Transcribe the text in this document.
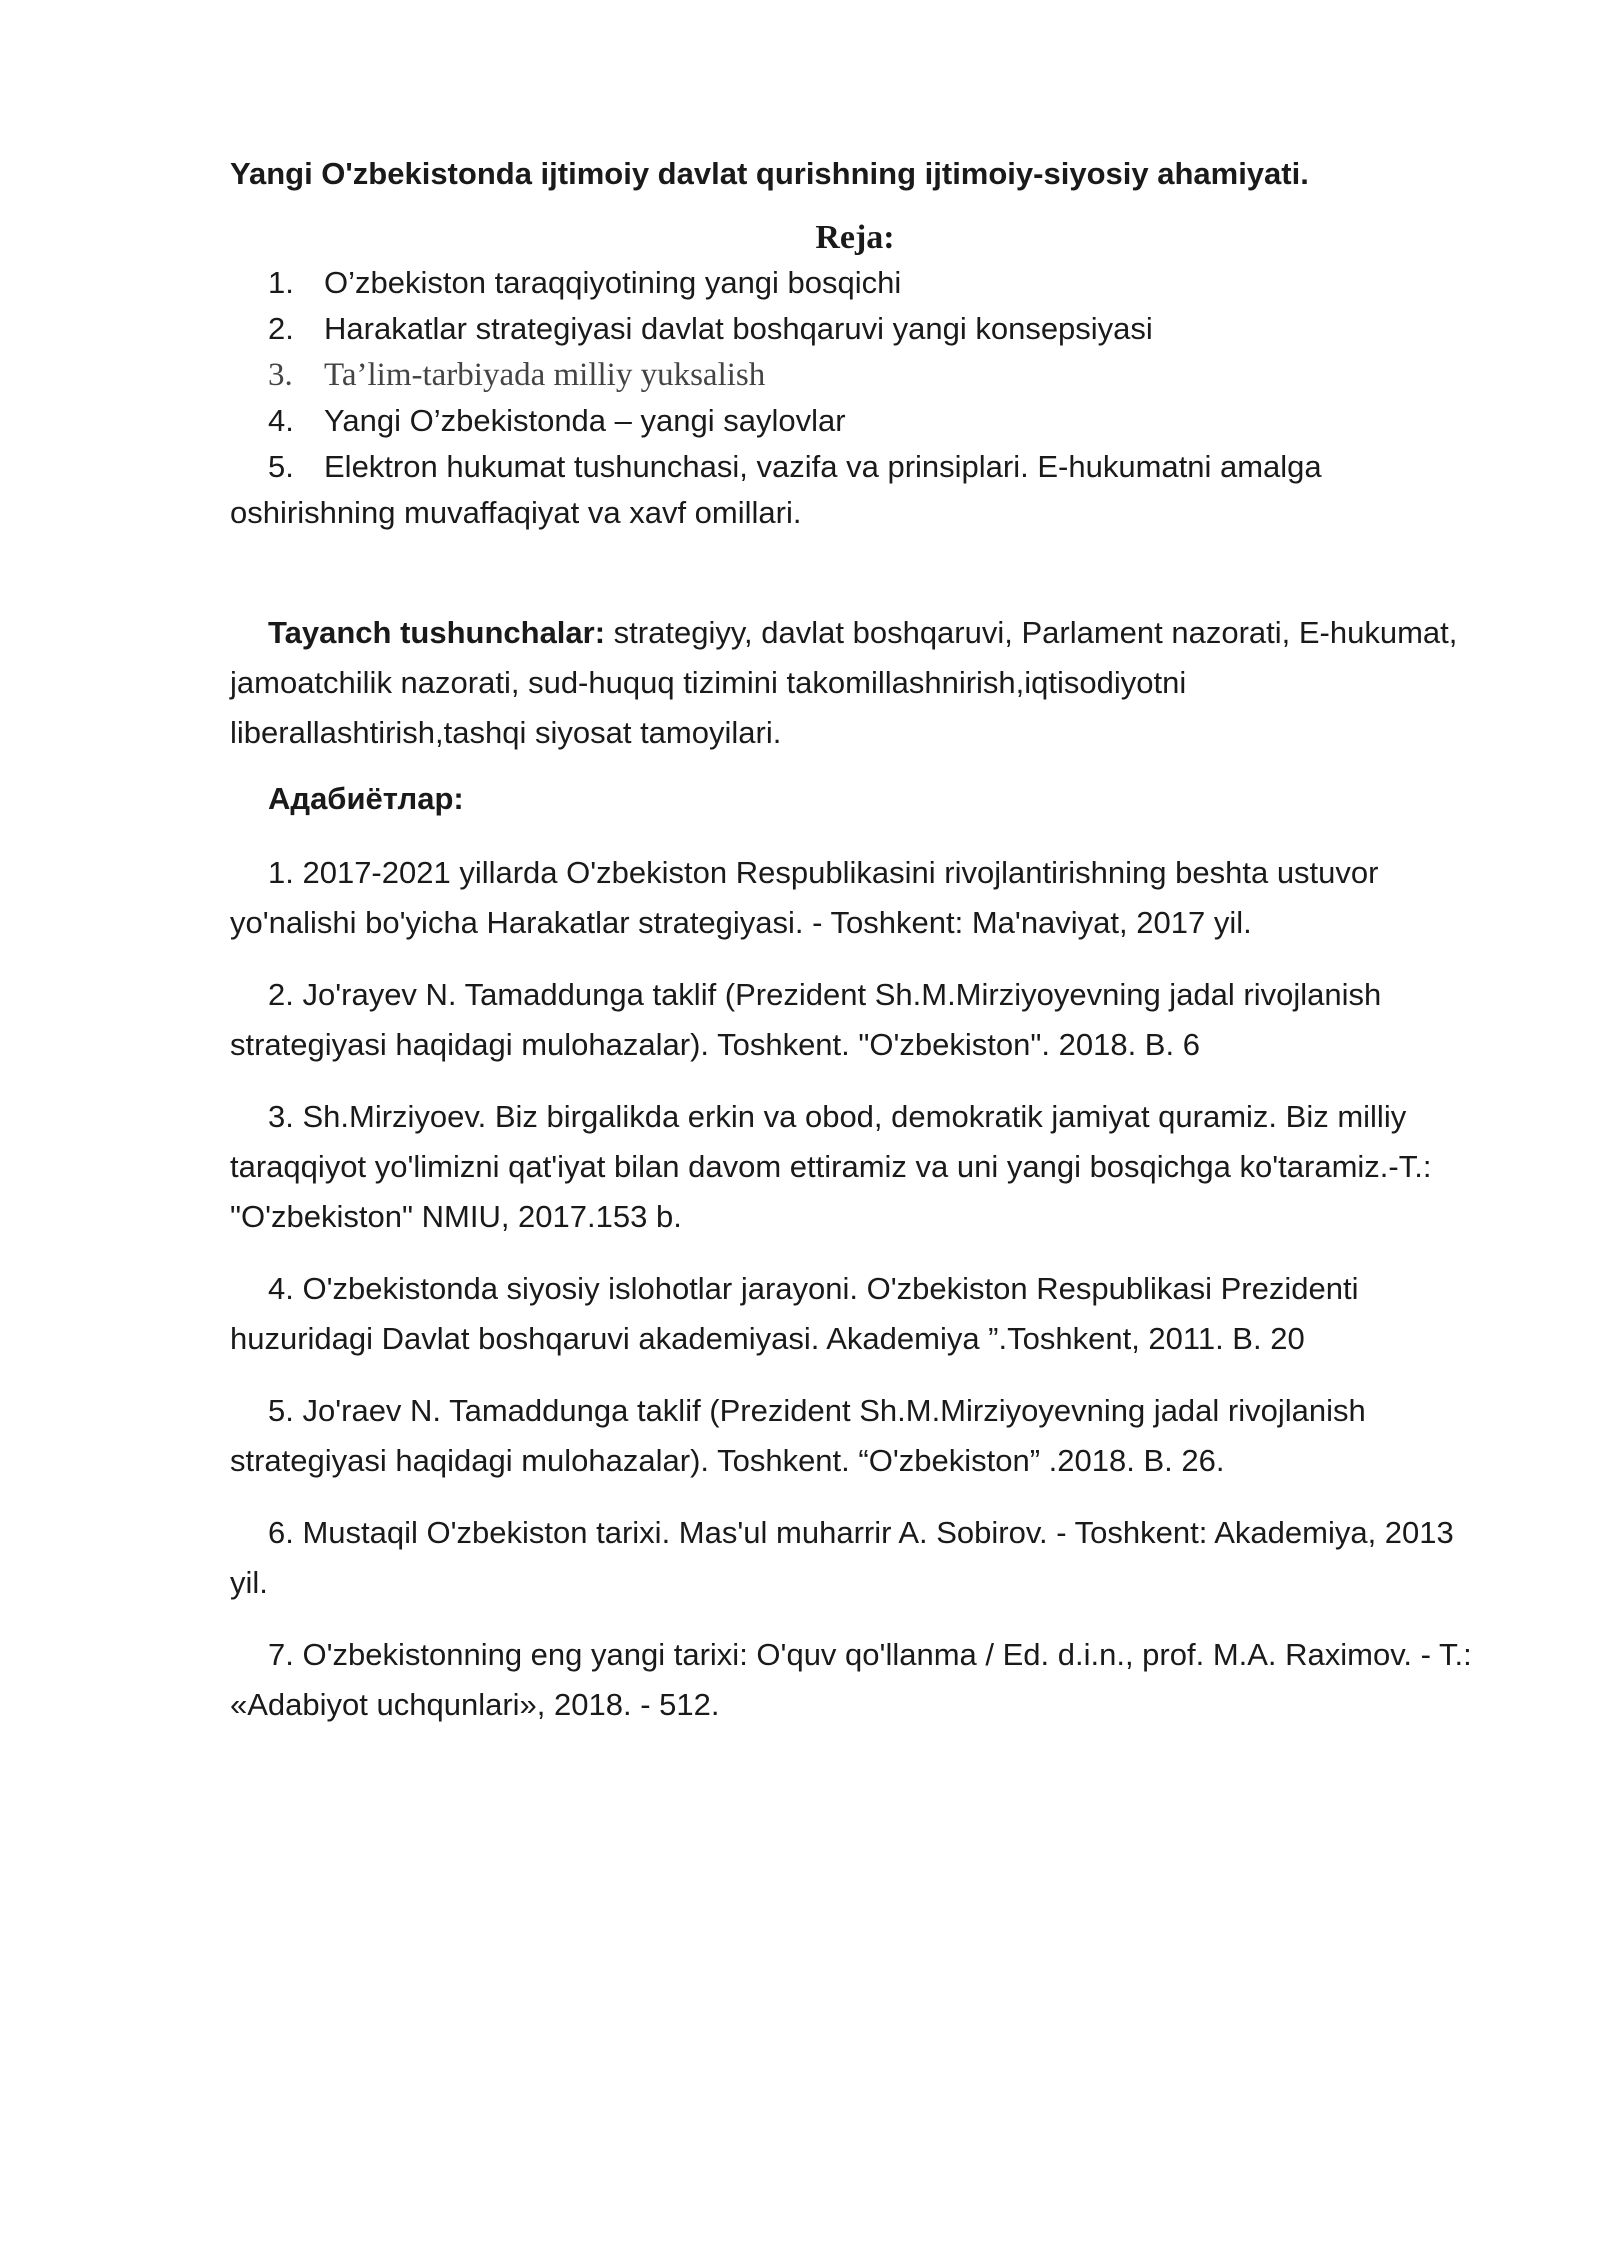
Yangi O'zbekistonda ijtimoiy davlat qurishning ijtimoiy-siyosiy ahamiyati.

Reja:
1. O’zbekiston taraqqiyotining yangi bosqichi
2. Harakatlar strategiyasi davlat boshqaruvi yangi konsepsiyasi
3. Ta’lim-tarbiyada milliy yuksalish
4. Yangi O’zbekistonda – yangi saylovlar
5. Elektron hukumat tushunchasi, vazifa va prinsiplari. E-hukumatni amalga oshirishning muvaffaqiyat va xavf omillari.

Tayanch tushunchalar: strategiyy, davlat boshqaruvi, Parlament nazorati, E-hukumat, jamoatchilik nazorati, sud-huquq tizimini takomillashnirish,iqtisodiyotni liberallashtirish,tashqi siyosat tamoyilari.

Адабиётлар:

1. 2017-2021 yillarda O'zbekiston Respublikasini rivojlantirishning beshta ustuvor yo'nalishi bo'yicha Harakatlar strategiyasi. - Toshkent: Ma'naviyat, 2017 yil.

2. Jo'rayev N. Tamaddunga taklif (Prezident Sh.M.Mirziyoyevning jadal rivojlanish strategiyasi haqidagi mulohazalar). Toshkent. "O'zbekiston". 2018. B. 6

3. Sh.Mirziyoev. Biz birgalikda erkin va obod, demokratik jamiyat quramiz. Biz milliy taraqqiyot yo'limizni qat'iyat bilan davom ettiramiz va uni yangi bosqichga ko'taramiz.-T.: "O'zbekiston" NMIU, 2017.153 b.

4. O'zbekistonda siyosiy islohotlar jarayoni. O'zbekiston Respublikasi Prezidenti huzuridagi Davlat boshqaruvi akademiyasi. Akademiya ”.Toshkent, 2011. B. 20

5. Jo'raev N. Tamaddunga taklif (Prezident Sh.M.Mirziyoyevning jadal rivojlanish strategiyasi haqidagi mulohazalar). Toshkent. “O'zbekiston” .2018. B. 26.

6. Mustaqil O'zbekiston tarixi. Mas'ul muharrir A. Sobirov. - Toshkent: Akademiya, 2013 yil.

7. O'zbekistonning eng yangi tarixi: O'quv qo'llanma / Ed. d.i.n., prof. M.A. Raximov. - T.: «Adabiyot uchqunlari», 2018. - 512.
